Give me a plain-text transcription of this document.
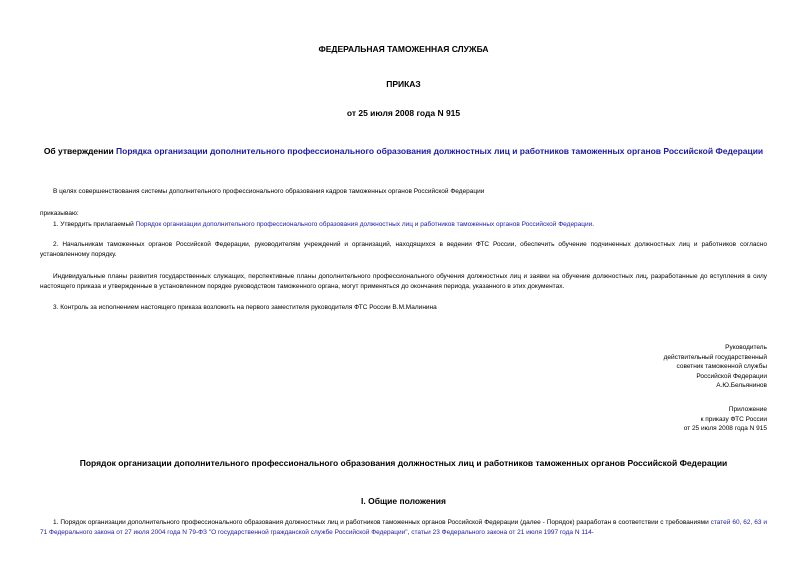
ФЕДЕРАЛЬНАЯ ТАМОЖЕННАЯ СЛУЖБА
ПРИКАЗ
от 25 июля 2008 года N 915
Об утверждении Порядка организации дополнительного профессионального образования должностных лиц и работников таможенных органов Российской Федерации
В целях совершенствования системы дополнительного профессионального образования кадров таможенных органов Российской Федерации
приказываю:
1. Утвердить прилагаемый Порядок организации дополнительного профессионального образования должностных лиц и работников таможенных органов Российской Федерации.
2. Начальникам таможенных органов Российской Федерации, руководителям учреждений и организаций, находящихся в ведении ФТС России, обеспечить обучение подчиненных должностных лиц и работников согласно установленному порядку.
Индивидуальные планы развития государственных служащих, перспективные планы дополнительного профессионального обучения должностных лиц и заявки на обучение должностных лиц, разработанные до вступления в силу настоящего приказа и утвержденные в установленном порядке руководством таможенного органа, могут применяться до окончания периода, указанного в этих документах.
3. Контроль за исполнением настоящего приказа возложить на первого заместителя руководителя ФТС России В.М.Малинина
Руководитель
действительный государственный
советник таможенной службы
Российской Федерации
А.Ю.Бельянинов
Приложение
к приказу ФТС России
от 25 июля 2008 года N 915
Порядок организации дополнительного профессионального образования должностных лиц и работников таможенных органов Российской Федерации
I. Общие положения
1. Порядок организации дополнительного профессионального образования должностных лиц и работников таможенных органов Российской Федерации (далее - Порядок) разработан в соответствии с требованиями статей 60, 62, 63 и 71 Федерального закона от 27 июля 2004 года N 79-ФЗ "О государственной гражданской службе Российской Федерации", статьи 23 Федерального закона от 21 июля 1997 года N 114-
